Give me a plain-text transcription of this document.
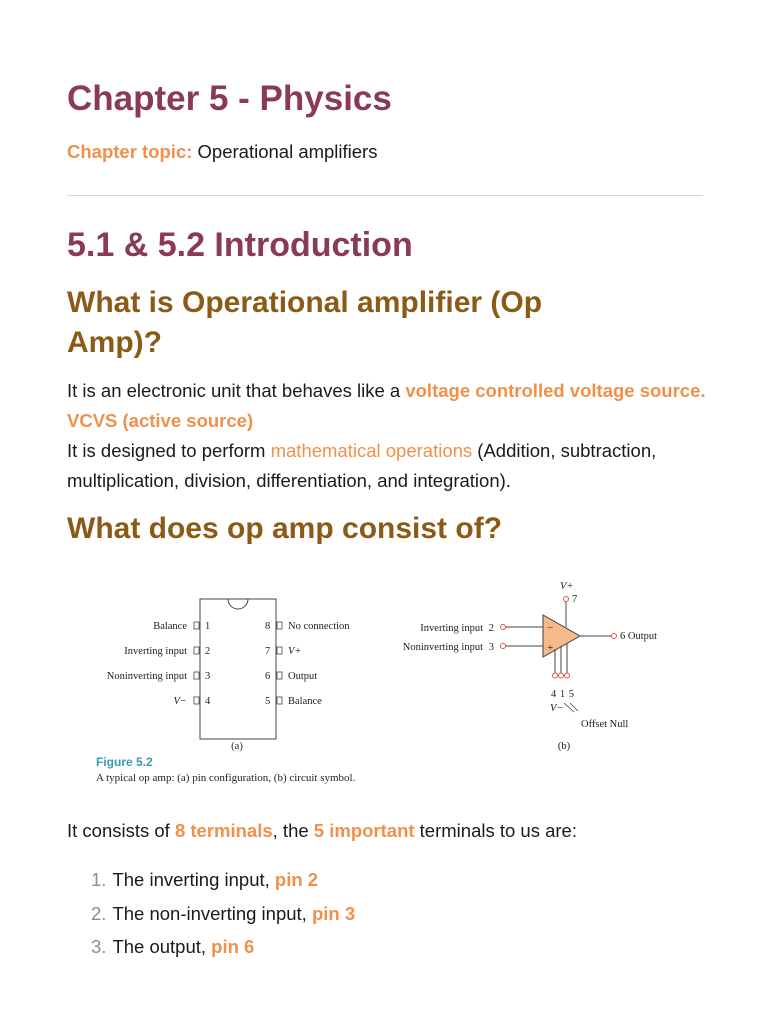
Chapter 5 - Physics
Chapter topic: Operational amplifiers
5.1 & 5.2 Introduction
What is Operational amplifier (Op Amp)?
It is an electronic unit that behaves like a voltage controlled voltage source. VCVS (active source)
It is designed to perform mathematical operations (Addition, subtraction, multiplication, division, differentiation, and integration).
What does op amp consist of?
Balance
Inverting input
Noninverting input
V−
1
2
3
4
8
7
6
5
No connection
V+
Output
Balance
(a)
V+
7
−
+
Inverting input 2
Noninverting input 3
6 Output
4 1 5
V−
Offset Null
(b)
Figure 5.2
A typical op amp: (a) pin configuration, (b) circuit symbol.
It consists of 8 terminals, the 5 important terminals to us are:
1. The inverting input, pin 2
2. The non-inverting input, pin 3
3. The output, pin 6
